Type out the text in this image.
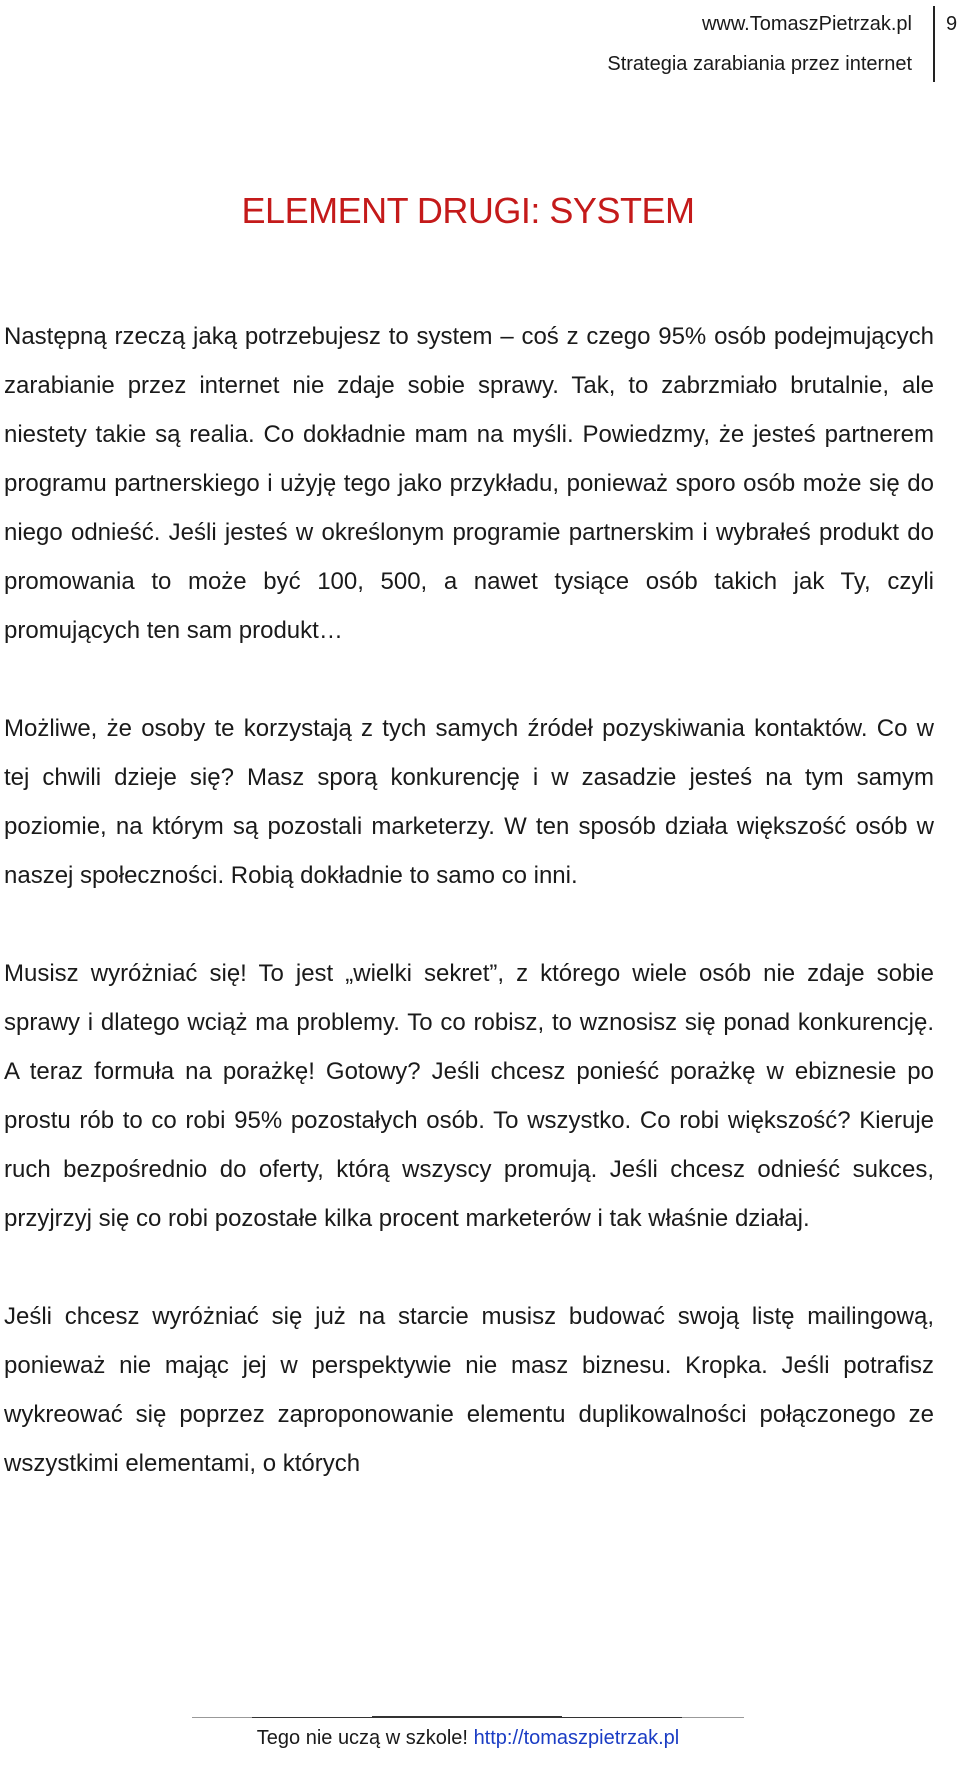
www.TomaszPietrzak.pl
Strategia zarabiania przez internet
9
ELEMENT DRUGI: SYSTEM

Następną rzeczą jaką potrzebujesz to system – coś z czego 95% osób podejmujących zarabianie przez internet nie zdaje sobie sprawy. Tak, to zabrzmiało brutalnie, ale niestety takie są realia. Co dokładnie mam na myśli. Powiedzmy, że jesteś partnerem programu partnerskiego i użyję tego jako przykładu, ponieważ sporo osób może się do niego odnieść. Jeśli jesteś w określonym programie partnerskim i wybrałeś produkt do promowania to może być 100, 500, a nawet tysiące osób takich jak Ty, czyli promujących ten sam produkt…

Możliwe, że osoby te korzystają z tych samych źródeł pozyskiwania kontaktów. Co w tej chwili dzieje się? Masz sporą konkurencję i w zasadzie jesteś na tym samym poziomie, na którym są pozostali marketerzy. W ten sposób działa większość osób w naszej społeczności. Robią dokładnie to samo co inni.

Musisz wyróżniać się! To jest „wielki sekret”, z którego wiele osób nie zdaje sobie sprawy i dlatego wciąż ma problemy. To co robisz, to wznosisz się ponad konkurencję. A teraz formuła na porażkę! Gotowy? Jeśli chcesz ponieść porażkę w ebiznesie po prostu rób to co robi 95% pozostałych osób. To wszystko. Co robi większość? Kieruje ruch bezpośrednio do oferty, którą wszyscy promują. Jeśli chcesz odnieść sukces, przyjrzyj się co robi pozostałe kilka procent marketerów i tak właśnie działaj.

Jeśli chcesz wyróżniać się już na starcie musisz budować swoją listę mailingową, ponieważ nie mając jej w perspektywie nie masz biznesu. Kropka. Jeśli potrafisz wykreować się poprzez zaproponowanie elementu duplikowalności połączonego ze wszystkimi elementami, o których

Tego nie uczą w szkole! http://tomaszpietrzak.pl
